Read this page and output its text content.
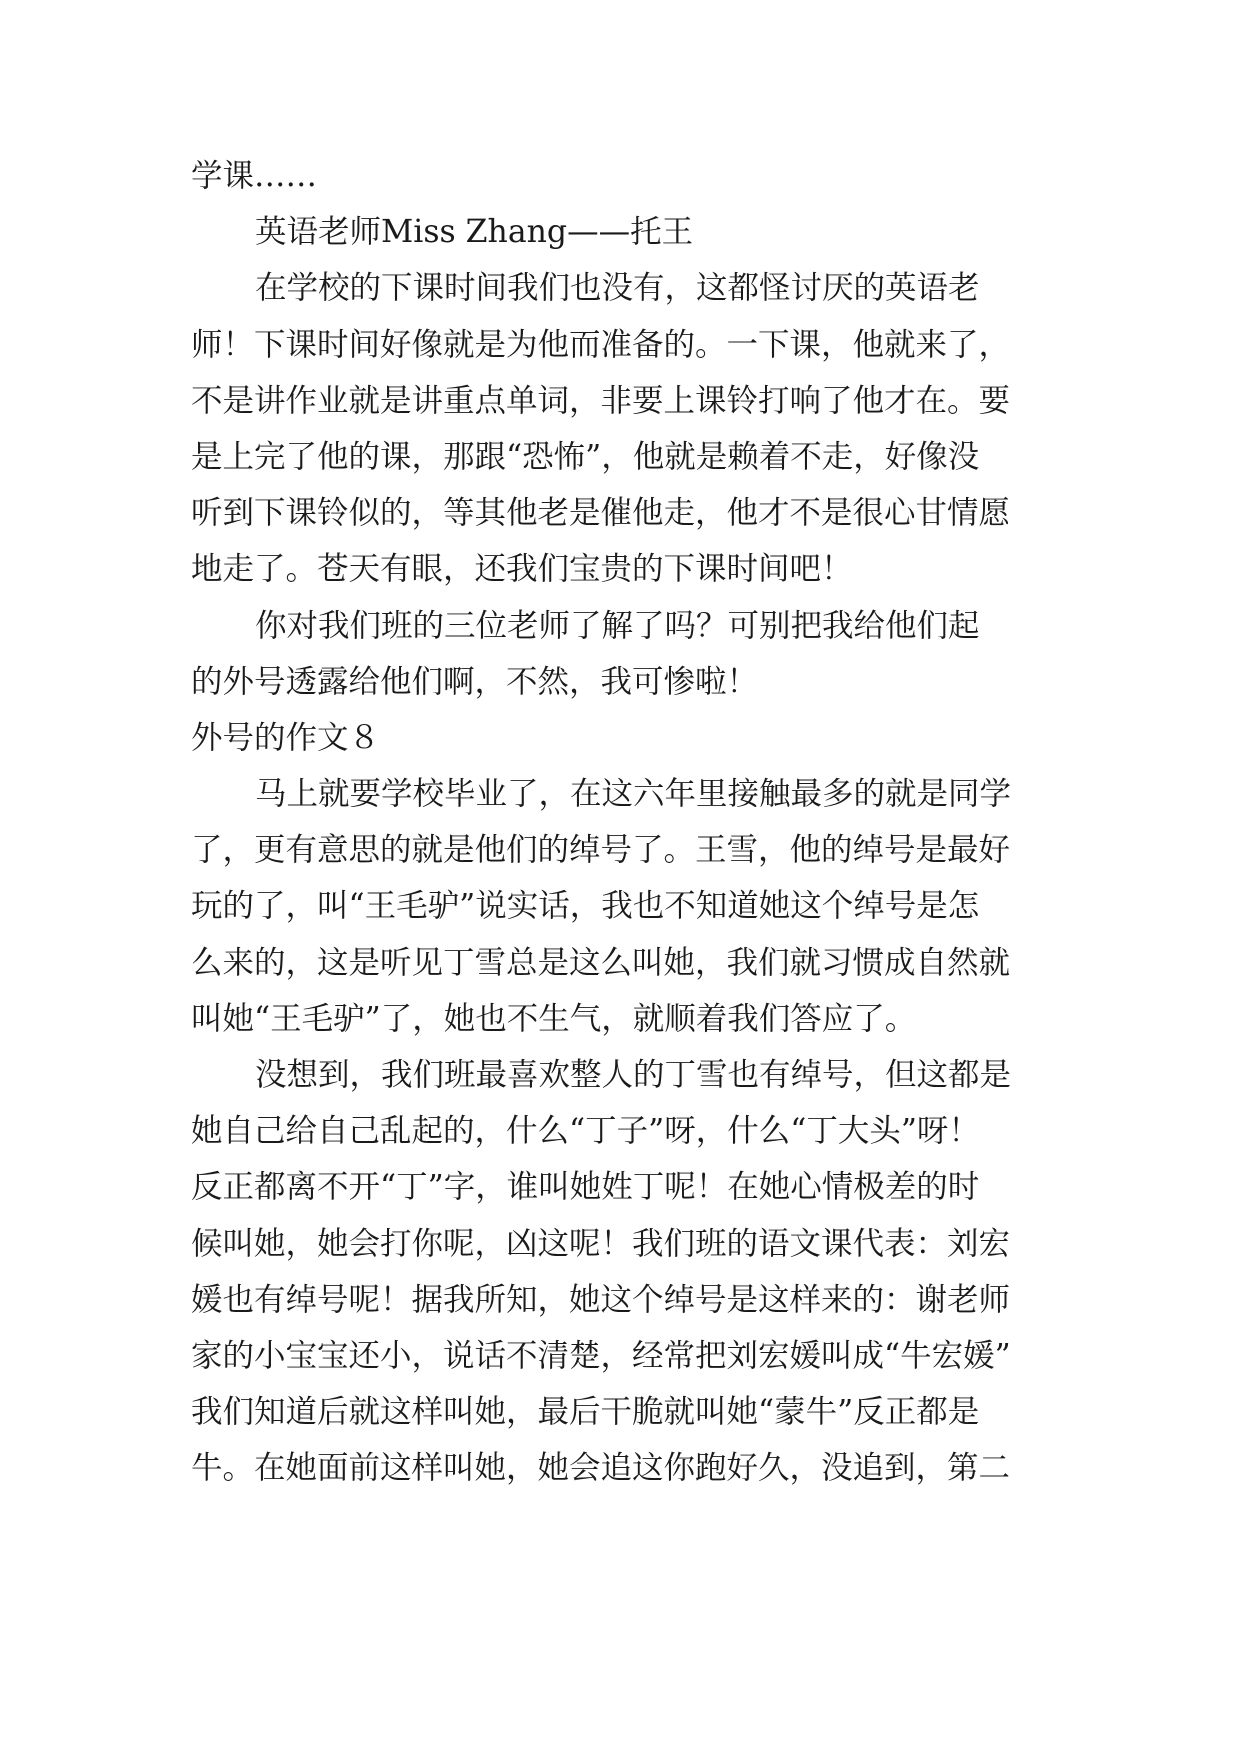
学课……
英语老师Miss Zhang——托王
在学校的下课时间我们也没有，这都怪讨厌的英语老
师！下课时间好像就是为他而准备的。一下课，他就来了，
不是讲作业就是讲重点单词，非要上课铃打响了他才在。要
是上完了他的课，那跟“恐怖”，他就是赖着不走，好像没
听到下课铃似的，等其他老是催他走，他才不是很心甘情愿
地走了。苍天有眼，还我们宝贵的下课时间吧！
你对我们班的三位老师了解了吗？可别把我给他们起
的外号透露给他们啊，不然，我可惨啦！
外号的作文８
马上就要学校毕业了，在这六年里接触最多的就是同学
了，更有意思的就是他们的绰号了。王雪，他的绰号是最好
玩的了，叫“王毛驴”说实话，我也不知道她这个绰号是怎
么来的，这是听见丁雪总是这么叫她，我们就习惯成自然就
叫她“王毛驴”了，她也不生气，就顺着我们答应了。
没想到，我们班最喜欢整人的丁雪也有绰号，但这都是
她自己给自己乱起的，什么“丁子”呀，什么“丁大头”呀！
反正都离不开“丁”字，谁叫她姓丁呢！在她心情极差的时
候叫她，她会打你呢，凶这呢！我们班的语文课代表：刘宏
媛也有绰号呢！据我所知，她这个绰号是这样来的：谢老师
家的小宝宝还小，说话不清楚，经常把刘宏媛叫成“牛宏媛”
我们知道后就这样叫她，最后干脆就叫她“蒙牛”反正都是
牛。在她面前这样叫她，她会追这你跑好久，没追到，第二
